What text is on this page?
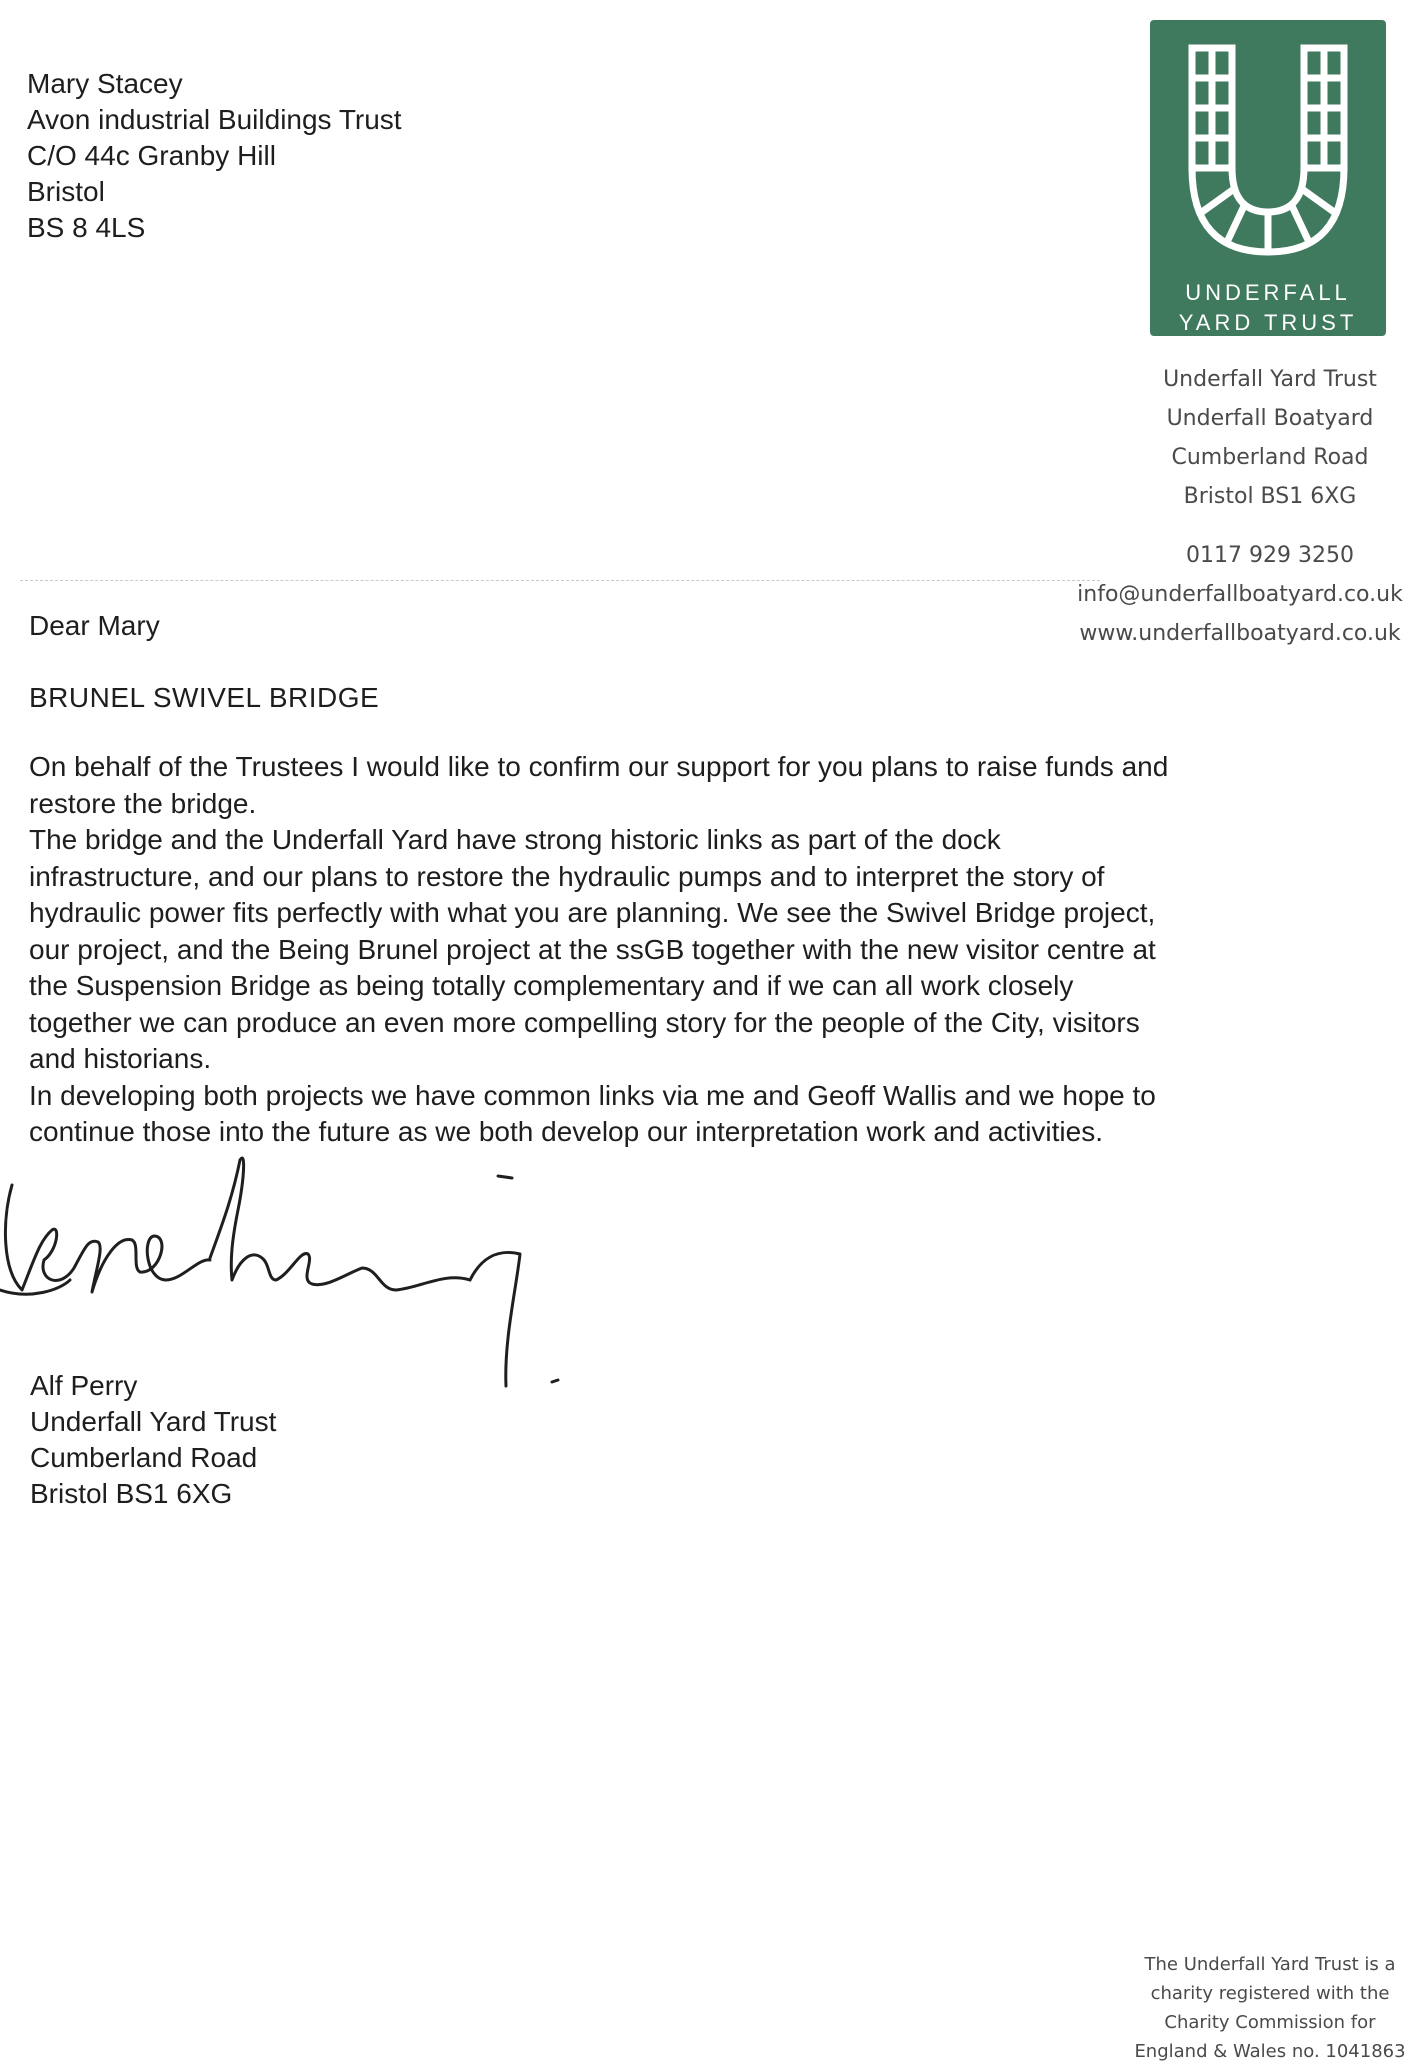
Mary Stacey
Avon industrial Buildings Trust
C/O 44c Granby Hill
Bristol
BS 8 4LS
UNDERFALL
YARD TRUST
Underfall Yard Trust
Underfall Boatyard
Cumberland Road
Bristol BS1 6XG
0117 929 3250
info@underfallboatyard.co.uk
www.underfallboatyard.co.uk
Dear Mary
BRUNEL SWIVEL BRIDGE

On behalf of the Trustees I would like to confirm our support for you plans to raise funds and

restore the bridge.

The bridge and the Underfall Yard have strong historic links as part of the dock

infrastructure, and our plans to restore the hydraulic pumps and to interpret the story of

hydraulic power fits perfectly with what you are planning. We see the Swivel Bridge project,

our project, and the Being Brunel project at the ssGB together with the new visitor centre at

the Suspension Bridge as being totally complementary and if we can all work closely

together we can produce an even more compelling story for the people of the City, visitors

and historians.

In developing both projects we have common links via me and Geoff Wallis and we hope to

continue those into the future as we both develop our interpretation work and activities.

Alf Perry
Underfall Yard Trust
Cumberland Road
Bristol BS1 6XG
The Underfall Yard Trust is a
charity registered with the
Charity Commission for
England & Wales no. 1041863
